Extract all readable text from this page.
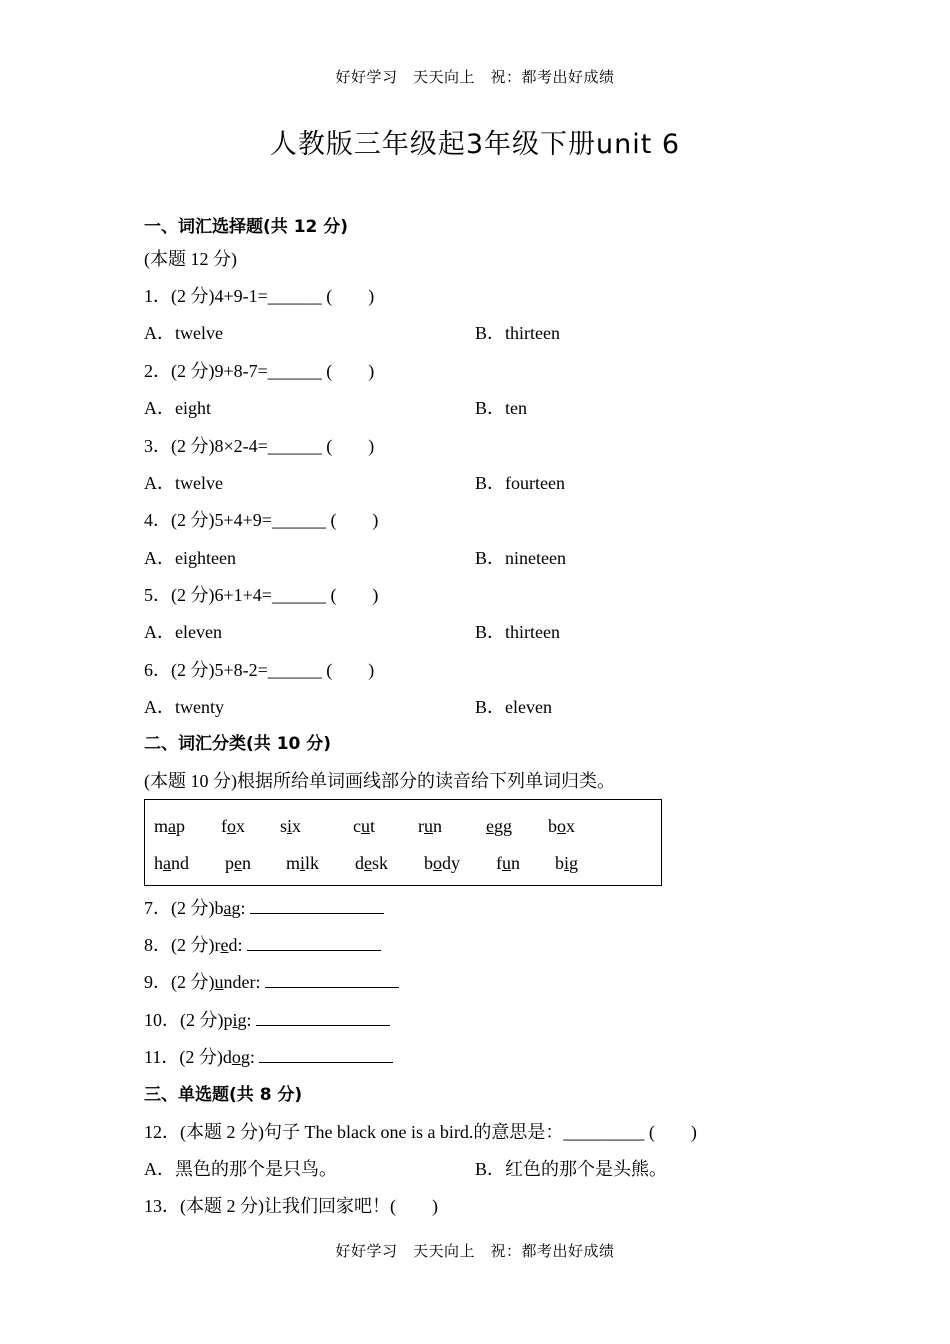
好好学习　天天向上　祝：都考出好成绩
人教版三年级起3年级下册unit 6
一、词汇选择题(共 12 分)
(本题 12 分)
1．(2 分)4+9-1=______ (　　)
A．twelve	B．thirteen
2．(2 分)9+8-7=______ (　　)
A．eight	B．ten
3．(2 分)8×2-4=______ (　　)
A．twelve	B．fourteen
4．(2 分)5+4+9=______ (　　)
A．eighteen	B．nineteen
5．(2 分)6+1+4=______ (　　)
A．eleven	B．thirteen
6．(2 分)5+8-2=______ (　　)
A．twenty	B．eleven
二、词汇分类(共 10 分)
(本题 10 分)根据所给单词画线部分的读音给下列单词归类。
map fox six	cut run egg box
hand pen milk desk body fun big
7．(2 分)bag:
8．(2 分)red:
9．(2 分)under:
10．(2 分)pig:
11．(2 分)dog:
三、单选题(共 8 分)
12．(本题 2 分)句子 The black one is a bird.的意思是：_________ (　　)
A．黑色的那个是只鸟。	B．红色的那个是头熊。
13．(本题 2 分)让我们回家吧！(　　)
好好学习　天天向上　祝：都考出好成绩
